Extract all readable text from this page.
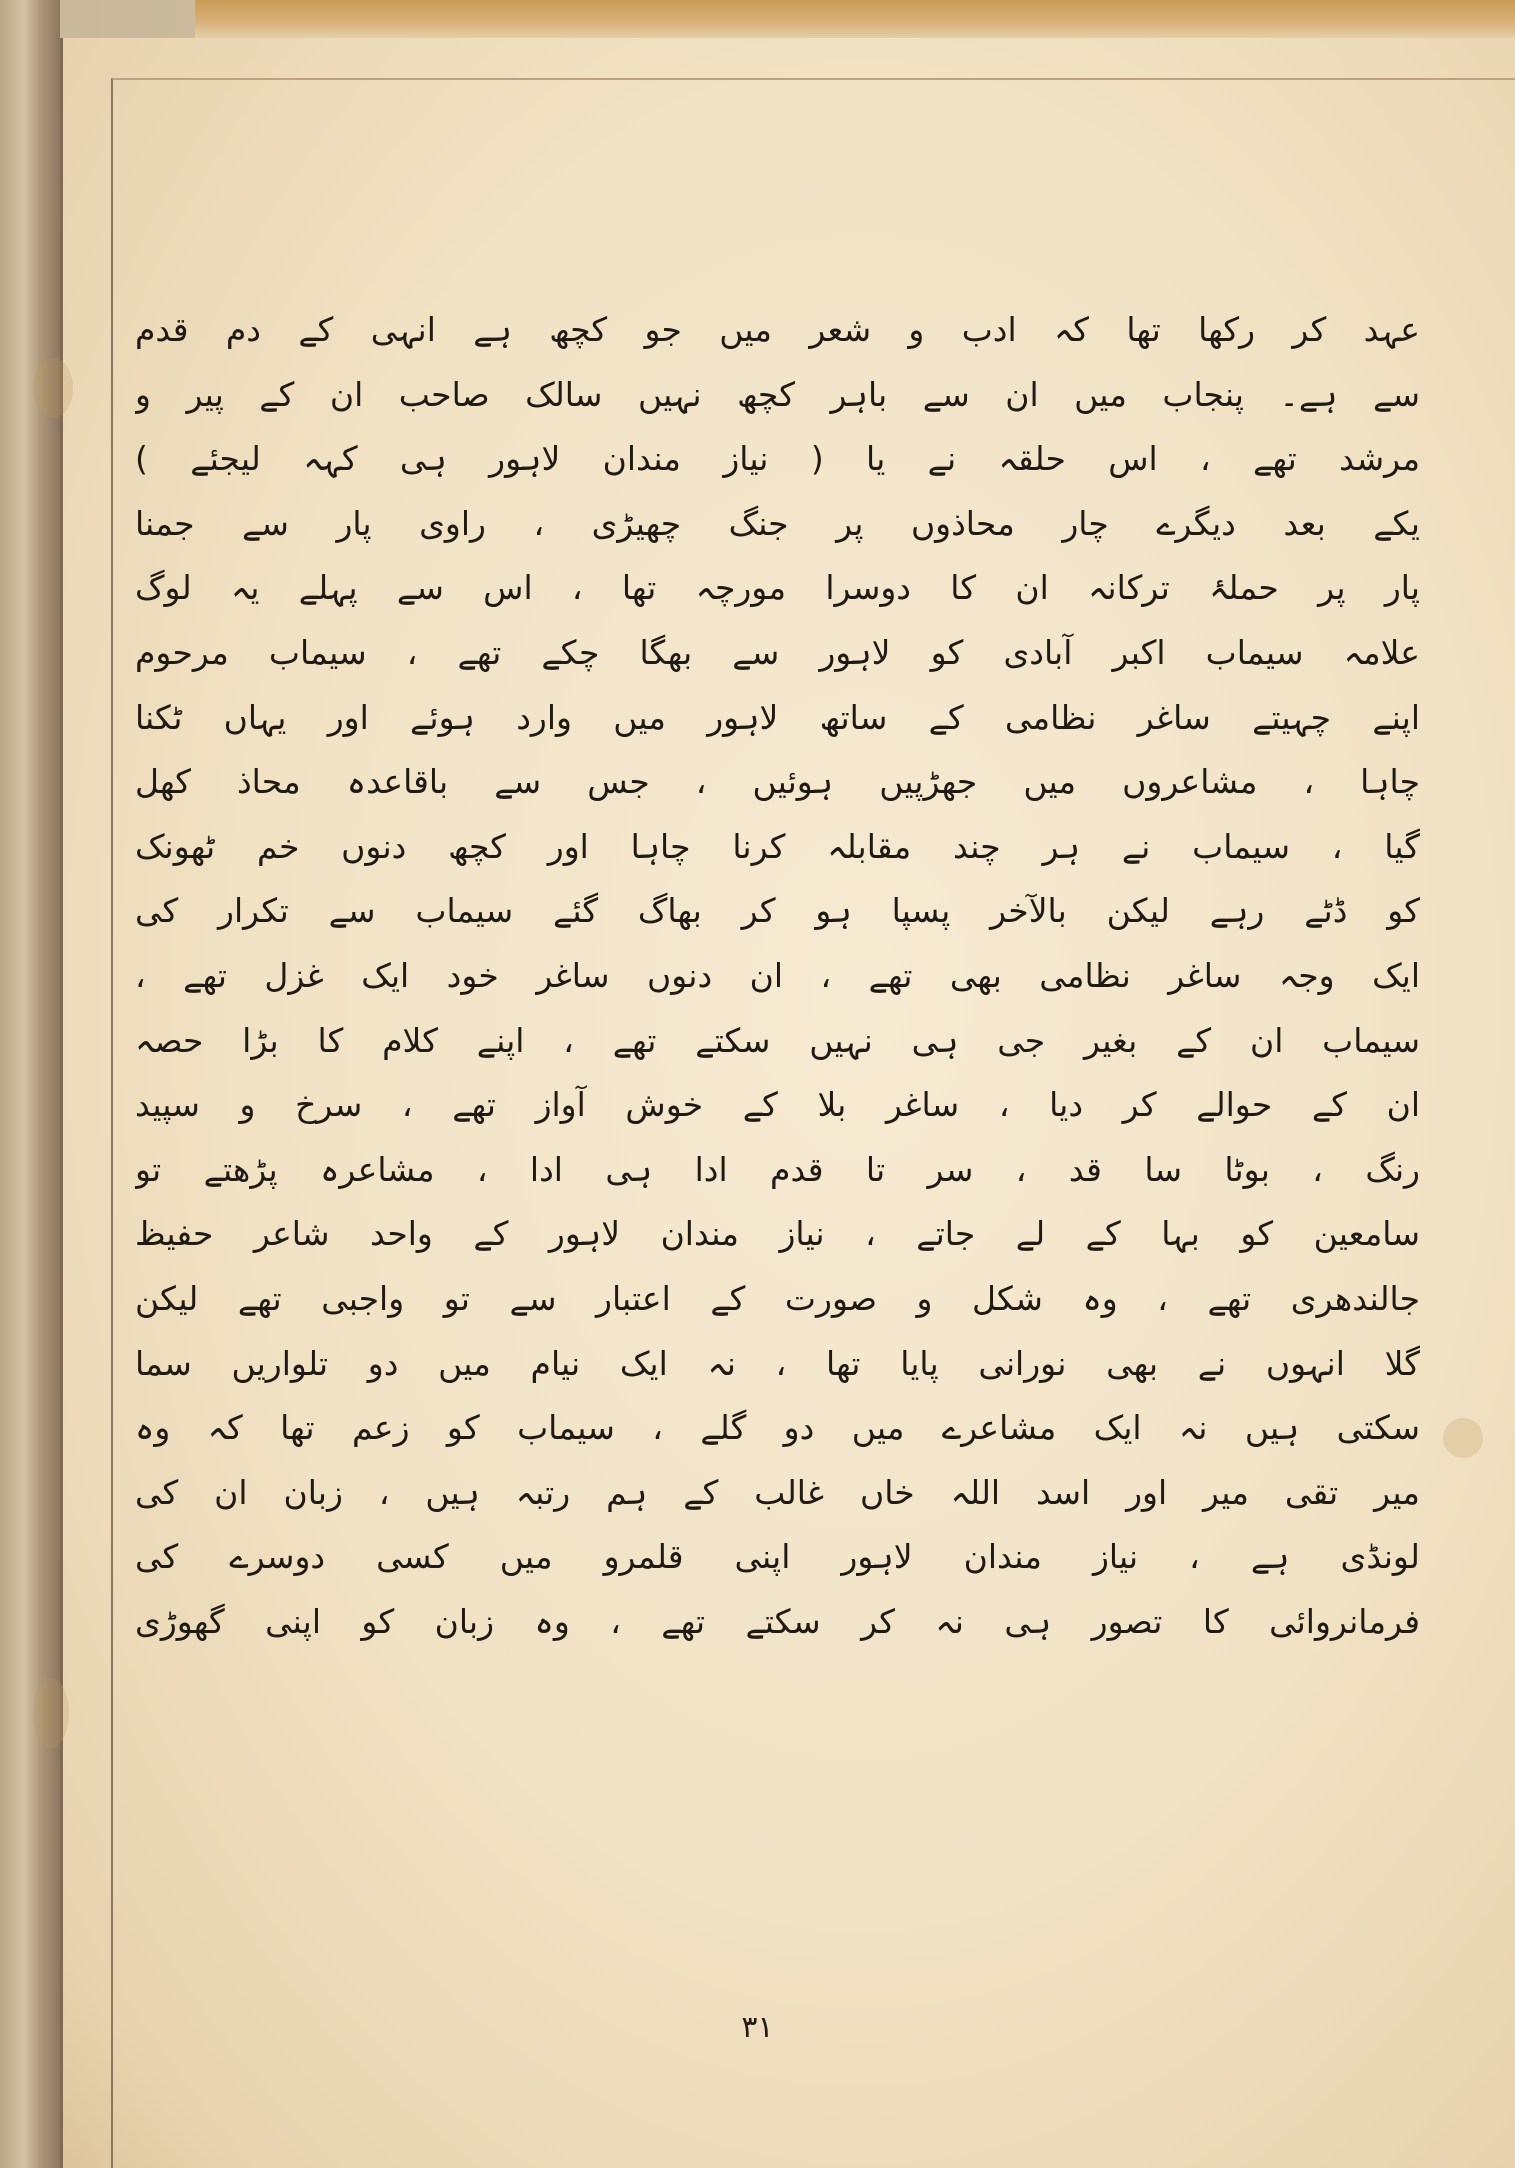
عہد کر رکھا تھا کہ ادب و شعر میں جو کچھ ہے انہی کے دم قدم
سے ہے۔ پنجاب میں ان سے باہر کچھ نہیں سالک صاحب ان کے پیر و
مرشد تھے ، اس حلقہ نے یا ( نیاز مندان لاہور ہی کہہ لیجئے )
یکے بعد دیگرے چار محاذوں پر جنگ چھیڑی ، راوی پار سے جمنا
پار پر حملۂ ترکانہ ان کا دوسرا مورچہ تھا ، اس سے پہلے یہ لوگ
علامہ سیماب اکبر آبادی کو لاہور سے بھگا چکے تھے ، سیماب مرحوم
اپنے چہیتے ساغر نظامی کے ساتھ لاہور میں وارد ہوئے اور یہاں ٹکنا
چاہا ، مشاعروں میں جھڑپیں ہوئیں ، جس سے باقاعدہ محاذ کھل
گیا ، سیماب نے ہر چند مقابلہ کرنا چاہا اور کچھ دنوں خم ٹھونک
کو ڈٹے رہے لیکن بالآخر پسپا ہو کر بھاگ گئے سیماب سے تکرار کی
ایک وجہ ساغر نظامی بھی تھے ، ان دنوں ساغر خود ایک غزل تھے ،
سیماب ان کے بغیر جی ہی نہیں سکتے تھے ، اپنے کلام کا بڑا حصہ
ان کے حوالے کر دیا ، ساغر بلا کے خوش آواز تھے ، سرخ و سپید
رنگ ، بوٹا سا قد ، سر تا قدم ادا ہی ادا ، مشاعرہ پڑھتے تو
سامعین کو بہا کے لے جاتے ، نیاز مندان لاہور کے واحد شاعر حفیظ
جالندھری تھے ، وہ شکل و صورت کے اعتبار سے تو واجبی تھے لیکن
گلا انہوں نے بھی نورانی پایا تھا ، نہ ایک نیام میں دو تلواریں سما
سکتی ہیں نہ ایک مشاعرے میں دو گلے ، سیماب کو زعم تھا کہ وہ
میر تقی میر اور اسد اللہ خاں غالب کے ہم رتبہ ہیں ، زبان ان کی
لونڈی ہے ، نیاز مندان لاہور اپنی قلمرو میں کسی دوسرے کی
فرمانروائی کا تصور ہی نہ کر سکتے تھے ، وہ زبان کو اپنی گھوڑی
۳۱
